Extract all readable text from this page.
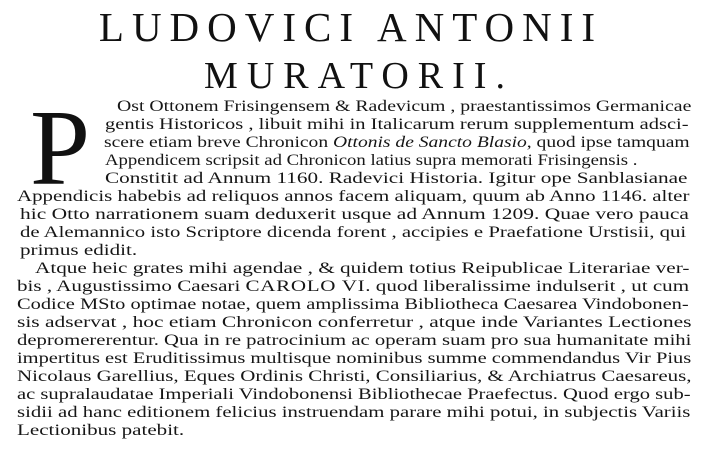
LUDOVICI ANTONII
MURATORII.
P Ost Ottonem Frisingensem & Radevicum , praestantissimos Germanicae
gentis Historicos , libuit mihi in Italicarum rerum supplementum adsci-
scere etiam breve Chronicon Ottonis de Sancto Blasio, quod ipse tamquam
Appendicem scripsit ad Chronicon latius supra memorati Frisingensis .
Constitit ad Annum 1160. Radevici Historia. Igitur ope Sanblasianae
Appendicis habebis ad reliquos annos facem aliquam, quum ab Anno 1146. alter
hic Otto narrationem suam deduxerit usque ad Annum 1209. Quae vero pauca
de Alemannico isto Scriptore dicenda forent , accipies e Praefatione Urstisii, qui
primus edidit.
Atque heic grates mihi agendae , & quidem totius Reipublicae Literariae ver-
bis , Augustissimo Caesari CAROLO VI. quod liberalissime indulserit , ut cum
Codice MSto optimae notae, quem amplissima Bibliotheca Caesarea Vindobonen-
sis adservat , hoc etiam Chronicon conferretur , atque inde Variantes Lectiones
depromererentur. Qua in re patrocinium ac operam suam pro sua humanitate mihi
impertitus est Eruditissimus multisque nominibus summe commendandus Vir Pius
Nicolaus Garellius, Eques Ordinis Christi, Consiliarius, & Archiatrus Caesareus,
ac supralaudatae Imperiali Vindobonensi Bibliothecae Praefectus. Quod ergo sub-
sidii ad hanc editionem felicius instruendam parare mihi potui, in subjectis Variis
Lectionibus patebit.
